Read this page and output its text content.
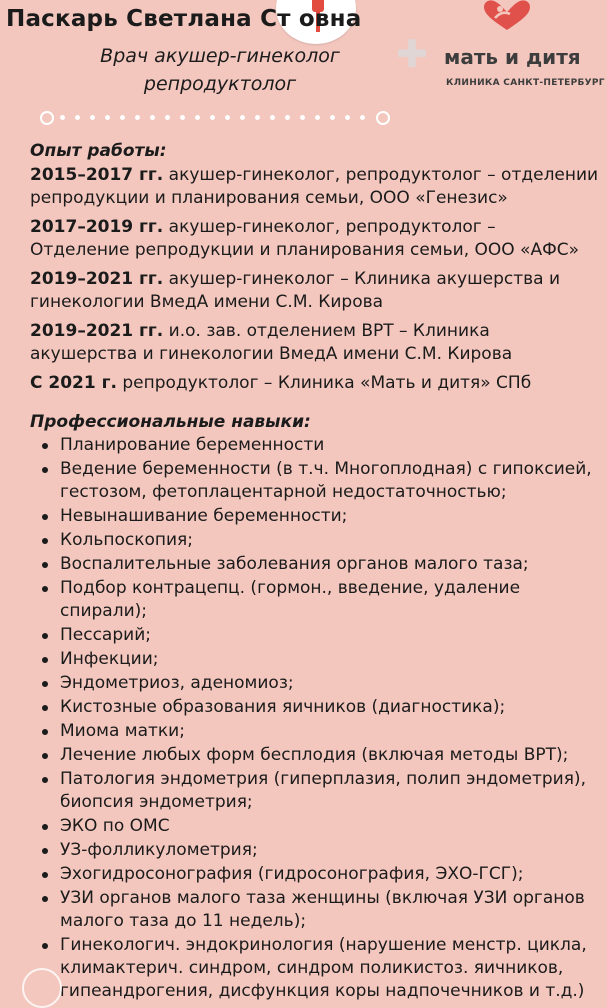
Паскарь Светлана Ст овна
Врач акушер-гинеколог
репродуктолог
✚ мать и дитя
КЛИНИКА САНКТ-ПЕТЕРБУРГ

Опыт работы:

2015–2017 гг. акушер-гинеколог, репродуктолог – отделении репродукции и планирования семьи, ООО «Генезис»

2017–2019 гг. акушер-гинеколог, репродуктолог – Отделение репродукции и планирования семьи, ООО «АФС»

2019–2021 гг. акушер-гинеколог – Клиника акушерства и гинекологии ВмедА имени С.М. Кирова

2019–2021 гг. и.о. зав. отделением ВРТ – Клиника акушерства и гинекологии ВмедА имени С.М. Кирова

С 2021 г. репродуктолог – Клиника «Мать и дитя» СПб

Профессиональные навыки:

Планирование беременности
Ведение беременности (в т.ч. Многоплодная) с гипоксией, гестозом, фетоплацентарной недостаточностью;
Невынашивание беременности;
Кольпоскопия;
Воспалительные заболевания органов малого таза;
Подбор контрацепц. (гормон., введение, удаление спирали);
Пессарий;
Инфекции;
Эндометриоз, аденомиоз;
Кистозные образования яичников (диагностика);
Миома матки;
Лечение любых форм бесплодия (включая методы ВРТ);
Патология эндометрия (гиперплазия, полип эндометрия), биопсия эндометрия;
ЭКО по ОМС
УЗ-фолликулометрия;
Эхогидросонография (гидросонография, ЭХО-ГСГ);
УЗИ органов малого таза женщины (включая УЗИ органов малого таза до 11 недель);
Гинекологич. эндокринология (нарушение менстр. цикла, климактерич. синдром, синдром поликистоз. яичников, гипеандрогения, дисфункция коры надпочечников и т.д.)
